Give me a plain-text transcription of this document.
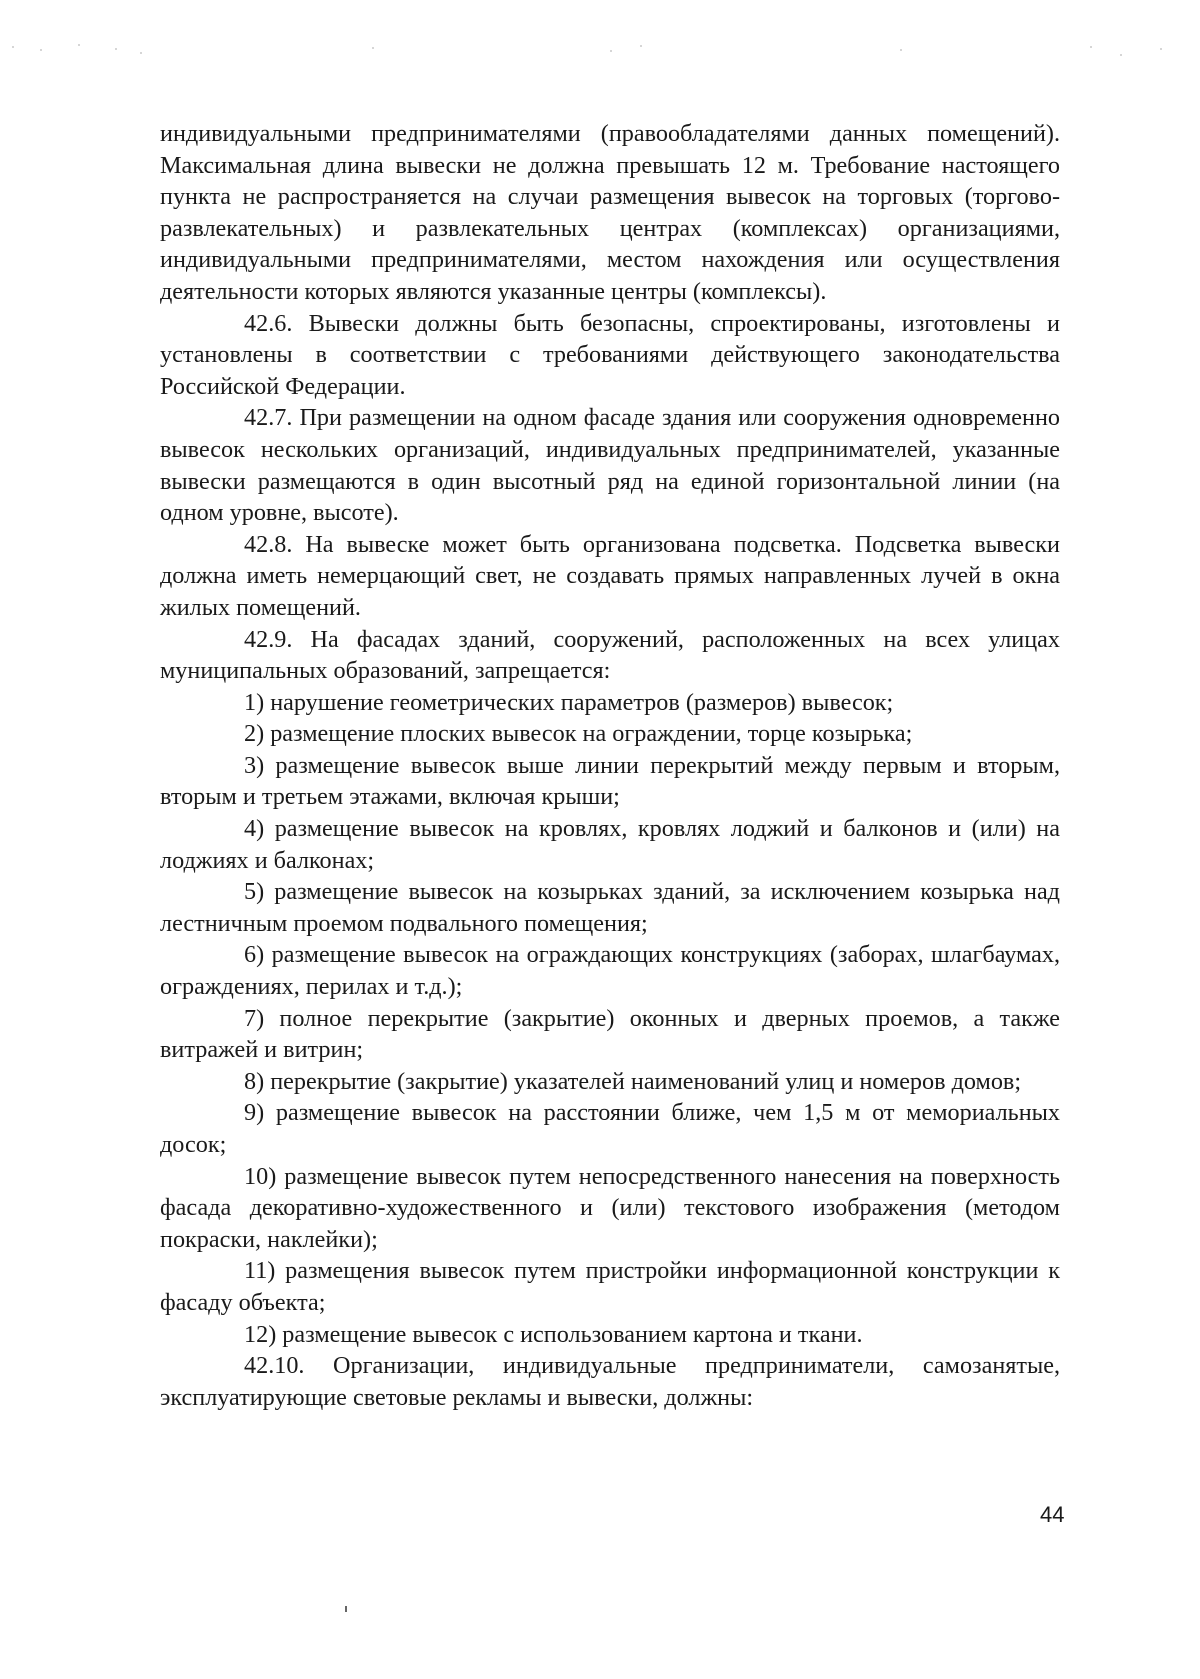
индивидуальными предпринимателями (правообладателями данных помещений). Максимальная длина вывески не должна превышать 12 м. Требование настоящего пункта не распространяется на случаи размещения вывесок на торговых (торгово-развлекательных) и развлекательных центрах (комплексах) организациями, индивидуальными предпринимателями, местом нахождения или осуществления деятельности которых являются указанные центры (комплексы).

42.6. Вывески должны быть безопасны, спроектированы, изготовлены и установлены в соответствии с требованиями действующего законодательства Российской Федерации.

42.7. При размещении на одном фасаде здания или сооружения одновременно вывесок нескольких организаций, индивидуальных предпринимателей, указанные вывески размещаются в один высотный ряд на единой горизонтальной линии (на одном уровне, высоте).

42.8. На вывеске может быть организована подсветка. Подсветка вывески должна иметь немерцающий свет, не создавать прямых направленных лучей в окна жилых помещений.

42.9. На фасадах зданий, сооружений, расположенных на всех улицах муниципальных образований, запрещается:

1) нарушение геометрических параметров (размеров) вывесок;

2) размещение плоских вывесок на ограждении, торце козырька;

3) размещение вывесок выше линии перекрытий между первым и вторым, вторым и третьем этажами, включая крыши;

4) размещение вывесок на кровлях, кровлях лоджий и балконов и (или) на лоджиях и балконах;

5) размещение вывесок на козырьках зданий, за исключением козырька над лестничным проемом подвального помещения;

6) размещение вывесок на ограждающих конструкциях (заборах, шлагбаумах, ограждениях, перилах и т.д.);

7) полное перекрытие (закрытие) оконных и дверных проемов, а также витражей и витрин;

8) перекрытие (закрытие) указателей наименований улиц и номеров домов;

9) размещение вывесок на расстоянии ближе, чем 1,5 м от мемориальных досок;

10) размещение вывесок путем непосредственного нанесения на поверхность фасада декоративно-художественного и (или) текстового изображения (методом покраски, наклейки);

11) размещения вывесок путем пристройки информационной конструкции к фасаду объекта;

12) размещение вывесок с использованием картона и ткани.

42.10. Организации, индивидуальные предприниматели, самозанятые, эксплуатирующие световые рекламы и вывески, должны:

44
